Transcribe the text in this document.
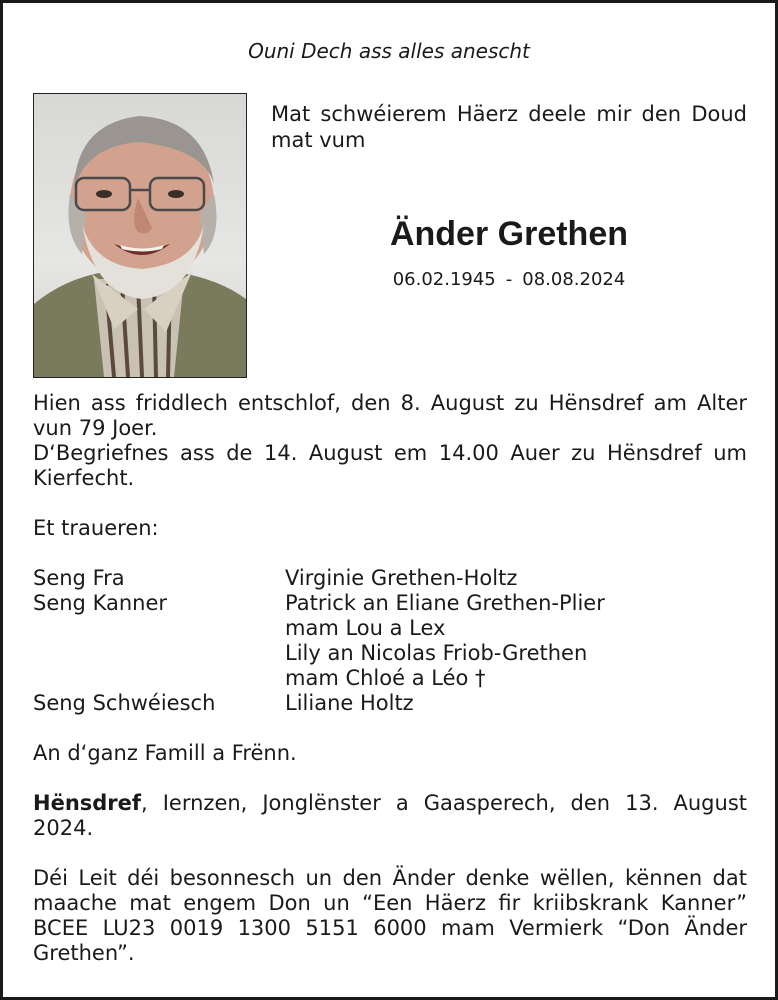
Ouni Dech ass alles anescht
Mat schwéierem Häerz deele mir den Doud mat vum
Änder Grethen
06.02.1945 - 08.08.2024

Hien ass friddlech entschlof, den 8. August zu Hënsdref am Alter vun 79 Joer.

D‘Begriefnes ass de 14. August em 14.00 Auer zu Hënsdref um Kierfecht.

Et traueren:

Seng Fra	Virginie Grethen-Holtz
Seng Kanner	Patrick an Eliane Grethen-Plier
mam Lou a Lex
Lily an Nicolas Friob-Grethen
mam Chloé a Léo †
Seng Schwéiesch	Liliane Holtz

An d‘ganz Famill a Frënn.

Hënsdref, Iernzen, Jonglënster a Gaasperech, den 13. August 2024.

Déi Leit déi besonnesch un den Änder denke wëllen, kënnen dat maache mat engem Don un “Een Häerz fir kriibskrank Kanner” BCEE LU23 0019 1300 5151 6000 mam Vermierk “Don Änder Grethen”.
